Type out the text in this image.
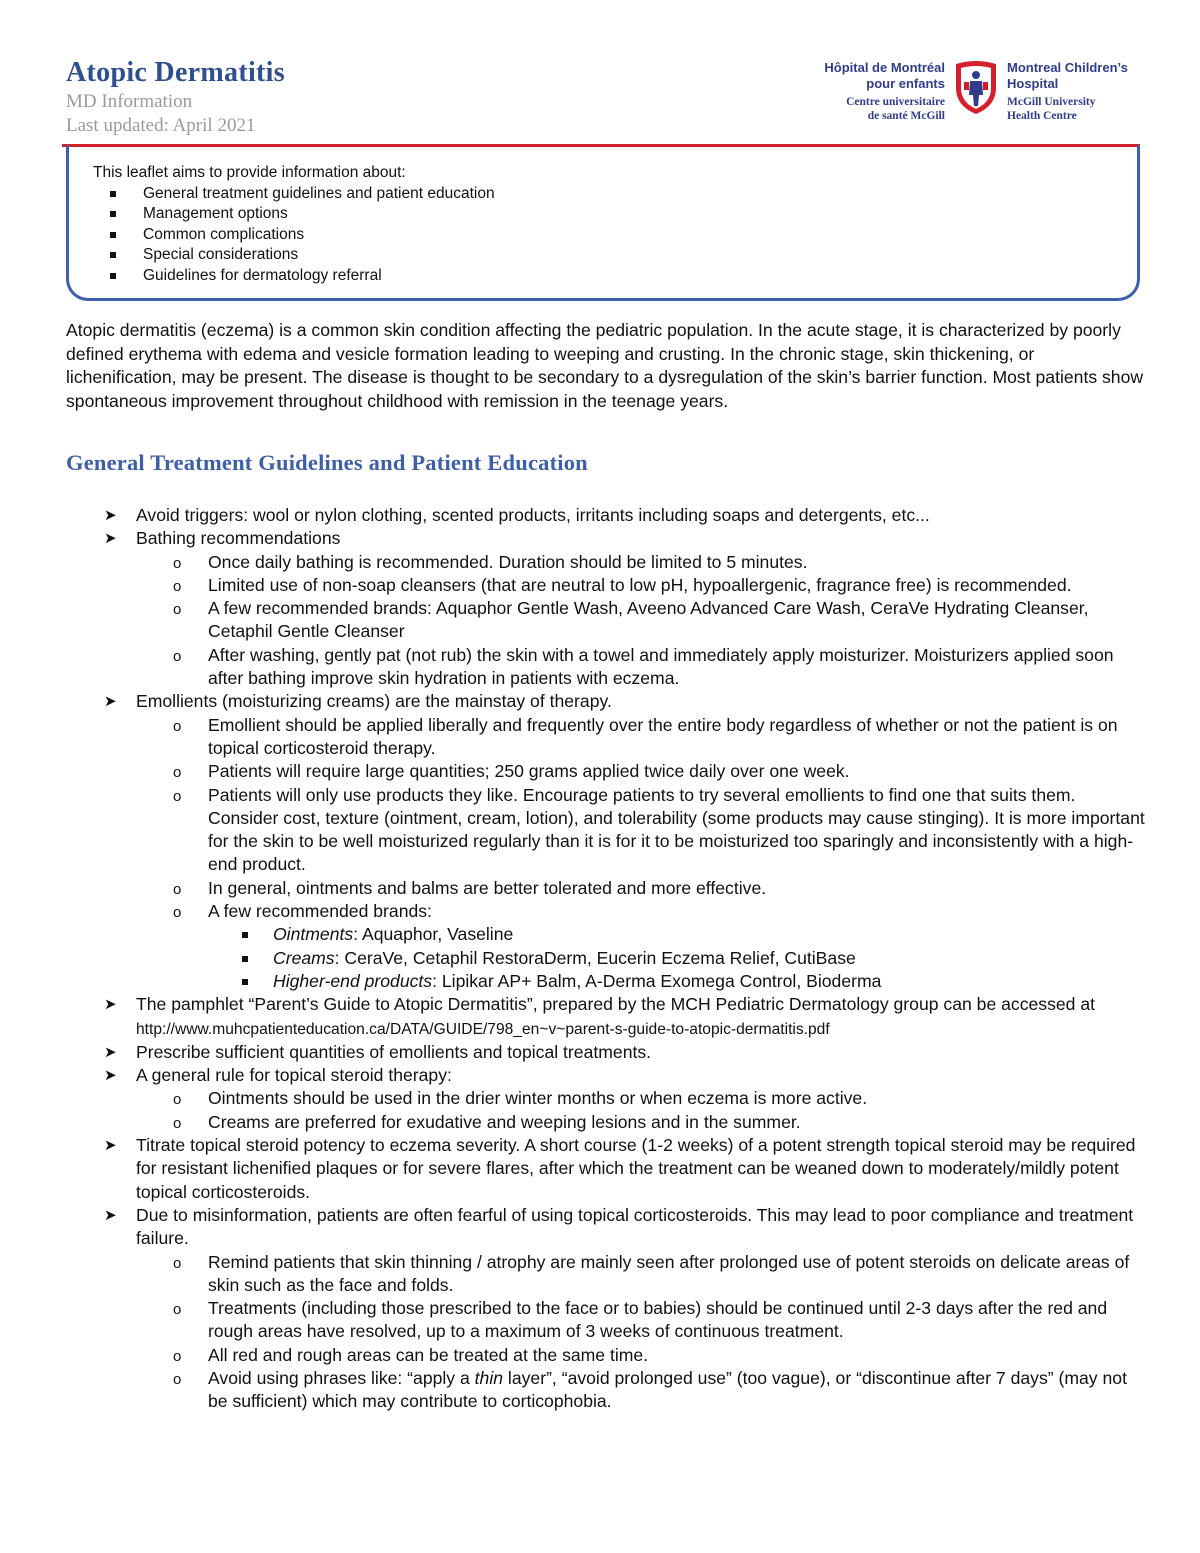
Atopic Dermatitis
MD Information
Last updated: April 2021
Hôpital de Montréal
pour enfants
Centre universitaire
de santé McGill
Montreal Children’s
Hospital
McGill University
Health Centre
This leaflet aims to provide information about:
General treatment guidelines and patient education
Management options
Common complications
Special considerations
Guidelines for dermatology referral

Atopic dermatitis (eczema) is a common skin condition affecting the pediatric population. In the acute stage, it is characterized by poorly defined erythema with edema and vesicle formation leading to weeping and crusting. In the chronic stage, skin thickening, or lichenification, may be present. The disease is thought to be secondary to a dysregulation of the skin’s barrier function. Most patients show spontaneous improvement throughout childhood with remission in the teenage years.

General Treatment Guidelines and Patient Education
➤ Avoid triggers: wool or nylon clothing, scented products, irritants including soaps and detergents, etc...
➤ Bathing recommendations
o Once daily bathing is recommended. Duration should be limited to 5 minutes.
o Limited use of non-soap cleansers (that are neutral to low pH, hypoallergenic, fragrance free) is recommended.
o A few recommended brands: Aquaphor Gentle Wash, Aveeno Advanced Care Wash, CeraVe Hydrating Cleanser, Cetaphil Gentle Cleanser
o After washing, gently pat (not rub) the skin with a towel and immediately apply moisturizer. Moisturizers applied soon after bathing improve skin hydration in patients with eczema.
➤ Emollients (moisturizing creams) are the mainstay of therapy.
o Emollient should be applied liberally and frequently over the entire body regardless of whether or not the patient is on topical corticosteroid therapy.
o Patients will require large quantities; 250 grams applied twice daily over one week.
o Patients will only use products they like. Encourage patients to try several emollients to find one that suits them. Consider cost, texture (ointment, cream, lotion), and tolerability (some products may cause stinging). It is more important for the skin to be well moisturized regularly than it is for it to be moisturized too sparingly and inconsistently with a high-end product.
o In general, ointments and balms are better tolerated and more effective.
o A few recommended brands:
Ointments: Aquaphor, Vaseline
Creams: CeraVe, Cetaphil RestoraDerm, Eucerin Eczema Relief, CutiBase
Higher-end products: Lipikar AP+ Balm, A-Derma Exomega Control, Bioderma
➤ The pamphlet “Parent’s Guide to Atopic Dermatitis”, prepared by the MCH Pediatric Dermatology group can be accessed at http://www.muhcpatienteducation.ca/DATA/GUIDE/798_en~v~parent-s-guide-to-atopic-dermatitis.pdf
➤ Prescribe sufficient quantities of emollients and topical treatments.
➤ A general rule for topical steroid therapy:
o Ointments should be used in the drier winter months or when eczema is more active.
o Creams are preferred for exudative and weeping lesions and in the summer.
➤ Titrate topical steroid potency to eczema severity. A short course (1-2 weeks) of a potent strength topical steroid may be required for resistant lichenified plaques or for severe flares, after which the treatment can be weaned down to moderately/mildly potent topical corticosteroids.
➤ Due to misinformation, patients are often fearful of using topical corticosteroids. This may lead to poor compliance and treatment failure.
o Remind patients that skin thinning / atrophy are mainly seen after prolonged use of potent steroids on delicate areas of skin such as the face and folds.
o Treatments (including those prescribed to the face or to babies) should be continued until 2-3 days after the red and rough areas have resolved, up to a maximum of 3 weeks of continuous treatment.
o All red and rough areas can be treated at the same time.
o Avoid using phrases like: “apply a thin layer”, “avoid prolonged use” (too vague), or “discontinue after 7 days” (may not be sufficient) which may contribute to corticophobia.
